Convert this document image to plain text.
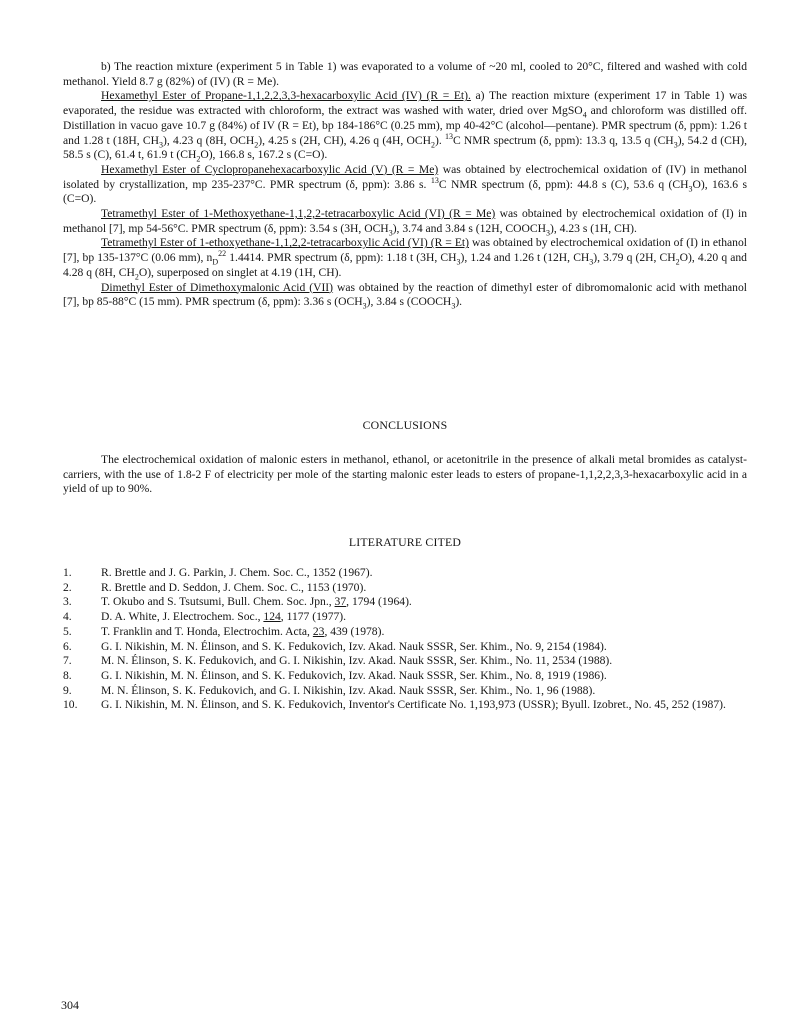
b) The reaction mixture (experiment 5 in Table 1) was evaporated to a volume of ~20 ml, cooled to 20°C, filtered and washed with cold methanol. Yield 8.7 g (82%) of (IV) (R = Me).

Hexamethyl Ester of Propane-1,1,2,2,3,3-hexacarboxylic Acid (IV) (R = Et). a) The reaction mixture (experiment 17 in Table 1) was evaporated, the residue was extracted with chloroform, the extract was washed with water, dried over MgSO$_4$ and chloroform was distilled off. Distillation in vacuo gave 10.7 g (84%) of IV (R = Et), bp 184-186°C (0.25 mm), mp 40-42°C (alcohol—pentane). PMR spectrum (δ, ppm): 1.26 t and 1.28 t (18H, $CH_3$), 4.23 q (8H, $OCH_2$), 4.25 s (2H, CH), 4.26 q (4H, $OCH_2$). $^{13}$C NMR spectrum (δ, ppm): 13.3 q, 13.5 q $(CH_3)$, 54.2 d (CH), 58.5 s (C), 61.4 t, 61.9 t $(CH_2O)$, 166.8 s, 167.2 s (C=O).

Hexamethyl Ester of Cyclopropanehexacarboxylic Acid (V) (R = Me) was obtained by electrochemical oxidation of (IV) in methanol isolated by crystallization, mp 235-237°C. PMR spectrum (δ, ppm): 3.86 s. $^{13}$C NMR spectrum (δ, ppm): 44.8 s (C), 53.6 q $(CH_3O)$, 163.6 s (C=O).

Tetramethyl Ester of 1-Methoxyethane-1,1,2,2-tetracarboxylic Acid (VI) (R = Me) was obtained by electrochemical oxidation of (I) in methanol [7], mp 54-56°C. PMR spectrum (δ, ppm): 3.54 s (3H, $OCH_3$), 3.74 and 3.84 s (12H, $COOCH_3$), 4.23 s (1H, CH).

Tetramethyl Ester of 1-ethoxyethane-1,1,2,2-tetracarboxylic Acid (VI) (R = Et) was obtained by electrochemical oxidation of (I) in ethanol [7], bp 135-137°C (0.06 mm), $n_D^{22}$ 1.4414. PMR spectrum (δ, ppm): 1.18 t (3H, $CH_3$), 1.24 and 1.26 t (12H, $CH_3$), 3.79 q (2H, $CH_2O$), 4.20 q and 4.28 q (8H, $CH_2O$), superposed on singlet at 4.19 (1H, CH).

Dimethyl Ester of Dimethoxymalonic Acid (VII) was obtained by the reaction of dimethyl ester of dibromomalonic acid with methanol [7], bp 85-88°C (15 mm). PMR spectrum (δ, ppm): 3.36 s $(OCH_3)$, 3.84 s $(COOCH_3)$.

CONCLUSIONS

The electrochemical oxidation of malonic esters in methanol, ethanol, or acetonitrile in the presence of alkali metal bromides as catalyst-carriers, with the use of 1.8-2 F of electricity per mole of the starting malonic ester leads to esters of propane-1,1,2,2,3,3-hexacarboxylic acid in a yield of up to 90%.

LITERATURE CITED
1.	R. Brettle and J. G. Parkin, J. Chem. Soc. C., 1352 (1967).
2.	R. Brettle and D. Seddon, J. Chem. Soc. C., 1153 (1970).
3.	T. Okubo and S. Tsutsumi, Bull. Chem. Soc. Jpn., 37, 1794 (1964).
4.	D. A. White, J. Electrochem. Soc., 124, 1177 (1977).
5.	T. Franklin and T. Honda, Electrochim. Acta, 23, 439 (1978).
6.	G. I. Nikishin, M. N. Élinson, and S. K. Fedukovich, Izv. Akad. Nauk SSSR, Ser. Khim., No. 9, 2154 (1984).
7.	M. N. Élinson, S. K. Fedukovich, and G. I. Nikishin, Izv. Akad. Nauk SSSR, Ser. Khim., No. 11, 2534 (1988).
8.	G. I. Nikishin, M. N. Élinson, and S. K. Fedukovich, Izv. Akad. Nauk SSSR, Ser. Khim., No. 8, 1919 (1986).
9.	M. N. Élinson, S. K. Fedukovich, and G. I. Nikishin, Izv. Akad. Nauk SSSR, Ser. Khim., No. 1, 96 (1988).
10.	G. I. Nikishin, M. N. Élinson, and S. K. Fedukovich, Inventor's Certificate No. 1,193,973 (USSR); Byull. Izobret., No. 45, 252 (1987).
304
